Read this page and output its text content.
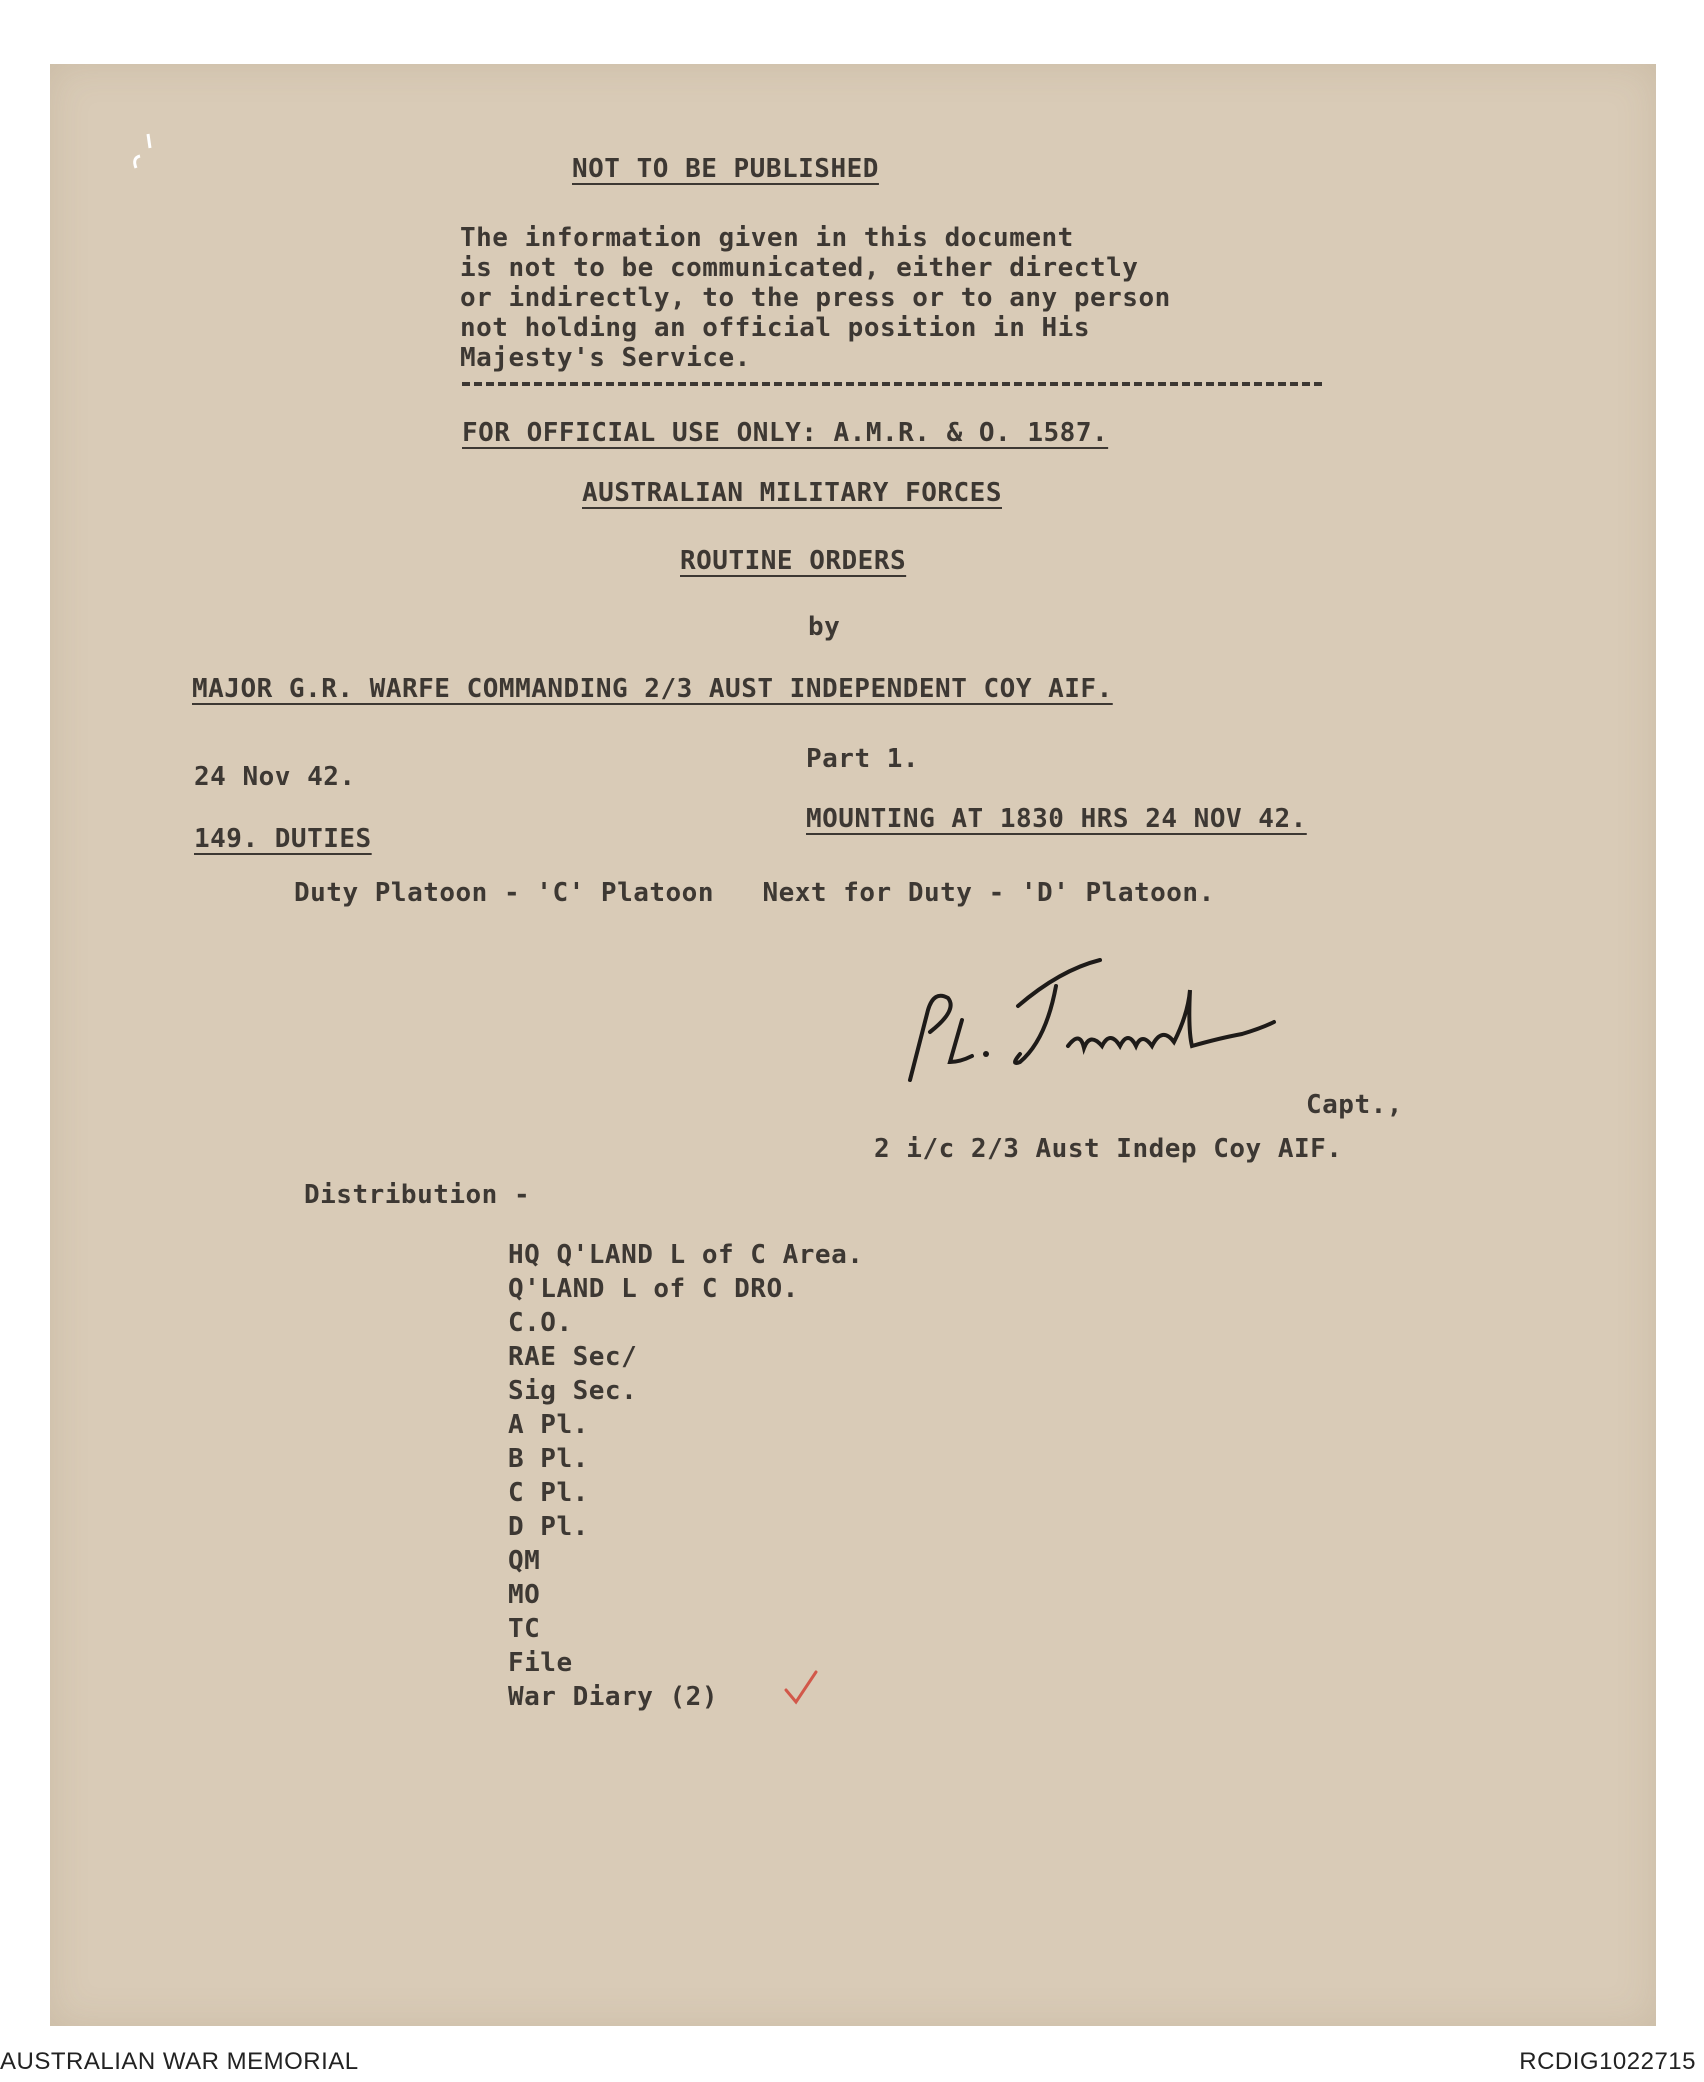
NOT TO BE PUBLISHED
The information given in this document
is not to be communicated, either directly
or indirectly, to the press or to any person
not holding an official position in His
Majesty's Service.
FOR OFFICIAL USE ONLY: A.M.R. & O. 1587.
AUSTRALIAN MILITARY FORCES
ROUTINE ORDERS
by
MAJOR G.R. WARFE COMMANDING 2/3 AUST INDEPENDENT COY AIF.
24 Nov 42.
Part 1.
149. DUTIES
MOUNTING AT 1830 HRS 24 NOV 42.
Duty Platoon - 'C' Platoon   Next for Duty - 'D' Platoon.
Capt.,
2 i/c 2/3 Aust Indep Coy AIF.
Distribution -
HQ Q'LAND L of C Area.
Q'LAND L of C DRO.
C.O.
RAE Sec/
Sig Sec.
A Pl.
B Pl.
C Pl.
D Pl.
QM
MO
TC
File
War Diary (2)
AUSTRALIAN WAR MEMORIAL	RCDIG1022715
